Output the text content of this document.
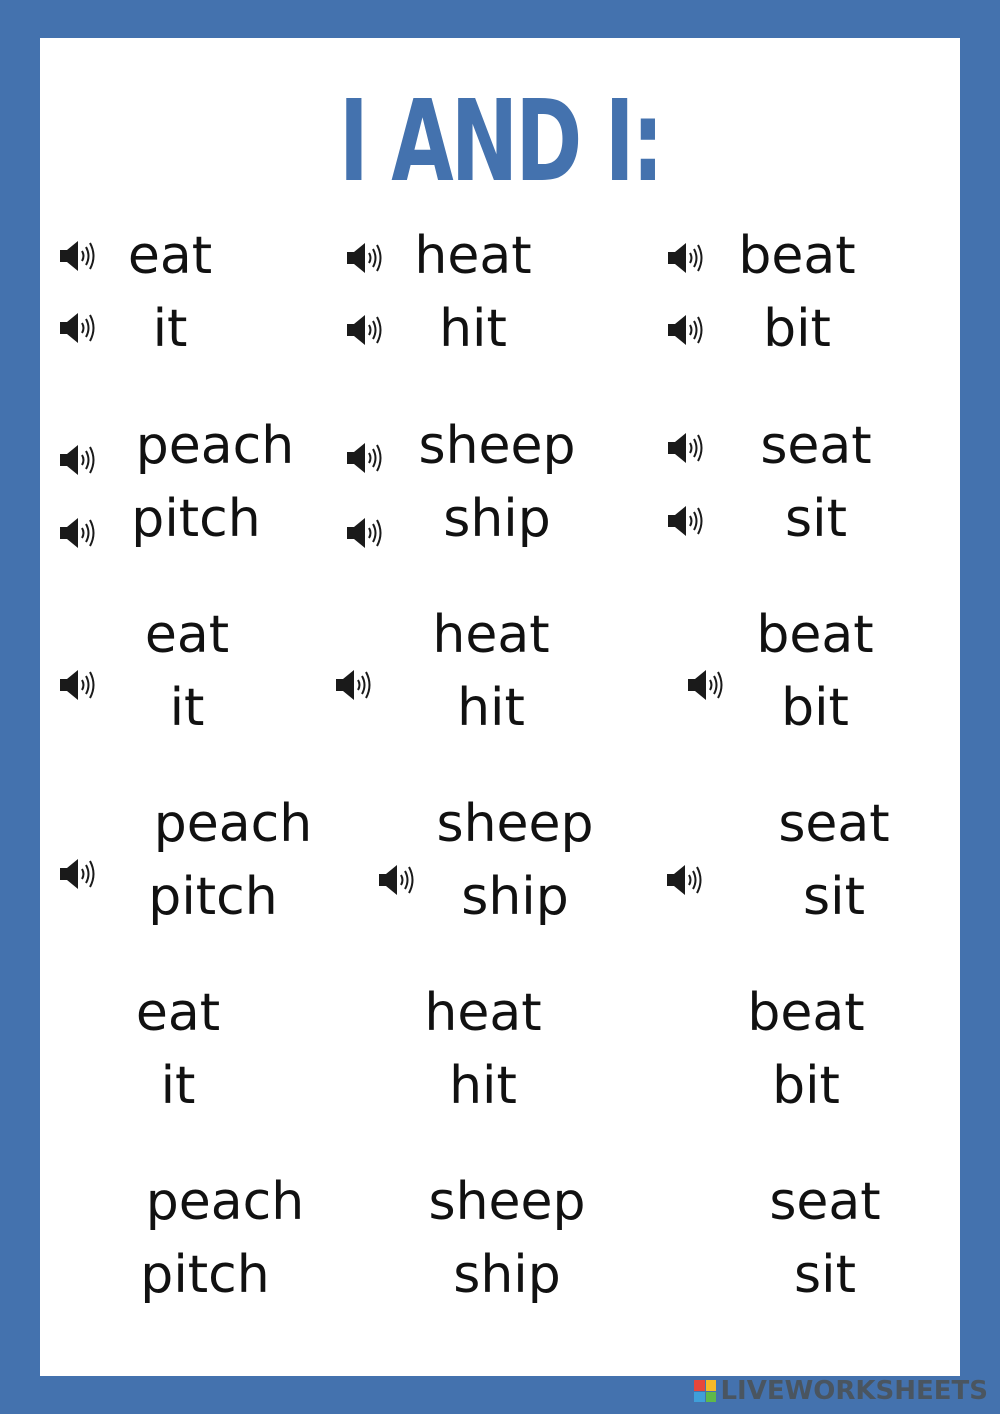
I AND I:
eat
it
heat
hit
beat
bit
peach
pitch
sheep
ship
seat
sit
eat
it
heat
hit
beat
bit
peach
pitch
sheep
ship
seat
sit
eat
it
heat
hit
beat
bit
peach
pitch
sheep
ship
seat
sit
LIVEWORKSHEETS
